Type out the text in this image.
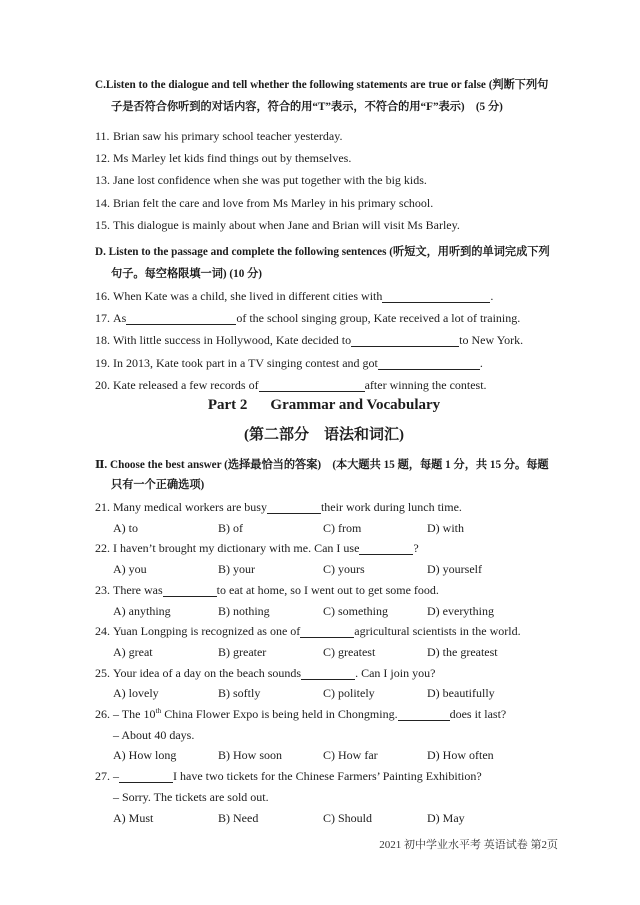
C.Listen to the dialogue and tell whether the following statements are true or false (判断下列句子是否符合你听到的对话内容，符合的用“T”表示，不符合的用“F”表示)　(5 分)

11. Brian saw his primary school teacher yesterday.
12. Ms Marley let kids find things out by themselves.
13. Jane lost confidence when she was put together with the big kids.
14. Brian felt the care and love from Ms Marley in his primary school.
15. This dialogue is mainly about when Jane and Brian will visit Ms Barley.

D. Listen to the passage and complete the following sentences (听短文，用听到的单词完成下列句子。每空格限填一词) (10 分)

16. When Kate was a child, she lived in different cities with	.
17. As	of the school singing group, Kate received a lot of training.
18. With little success in Hollywood, Kate decided to	to New York.
19. In 2013, Kate took part in a TV singing contest and got	.
20. Kate released a few records of	after winning the contest.

Part 2 Grammar and Vocabulary

(第二部分　语法和词汇)

Ⅱ. Choose the best answer (选择最恰当的答案)　(本大题共 15 题，每题 1 分，共 15 分。每题只有一个正确选项)

21. Many medical workers are busy	their work during lunch time.
A) to	B) of	C) from	D) with
22. I haven’t brought my dictionary with me. Can I use	?
A) you	B) your	C) yours	D) yourself
23. There was	to eat at home, so I went out to get some food.
A) anything	B) nothing	C) something	D) everything
24. Yuan Longping is recognized as one of	agricultural scientists in the world.
A) great	B) greater	C) greatest	D) the greatest
25. Your idea of a day on the beach sounds	. Can I join you?
A) lovely	B) softly	C) politely	D) beautifully
26. – The 10th China Flower Expo is being held in Chongming.	does it last?
– About 40 days.
A) How long	B) How soon	C) How far	D) How often
27. –	I have two tickets for the Chinese Farmers’ Painting Exhibition?
– Sorry. The tickets are sold out.
A) Must	B) Need	C) Should	D) May
2021 初中学业水平考 英语试卷 第2页
